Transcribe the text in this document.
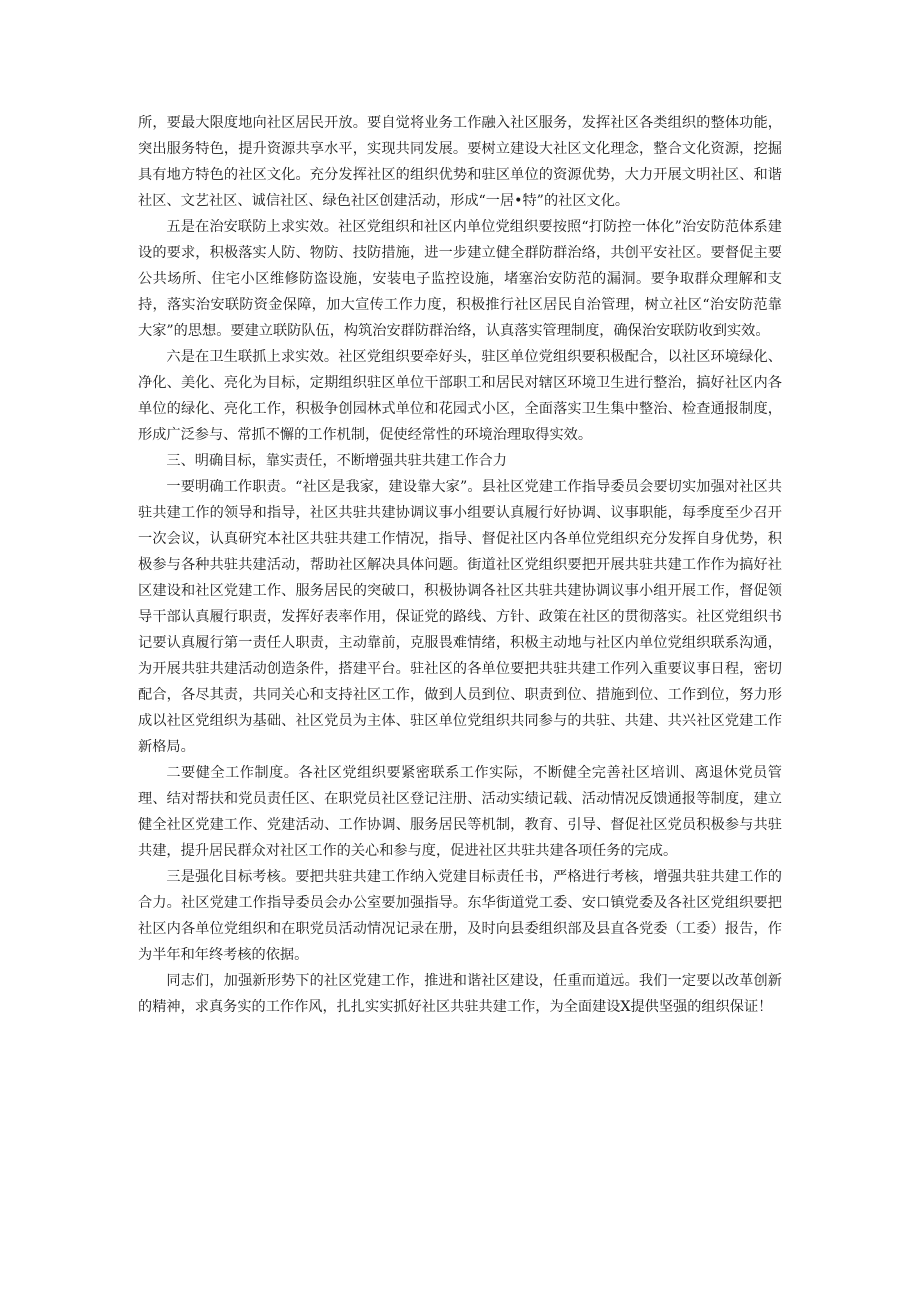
所，要最大限度地向社区居民开放。要自觉将业务工作融入社区服务，发挥社区各类组织的整体功能，突出服务特色，提升资源共享水平，实现共同发展。要树立建设大社区文化理念，整合文化资源，挖掘具有地方特色的社区文化。充分发挥社区的组织优势和驻区单位的资源优势，大力开展文明社区、和谐社区、文艺社区、诚信社区、绿色社区创建活动，形成“一居•特”的社区文化。

五是在治安联防上求实效。社区党组织和社区内单位党组织要按照“打防控一体化”治安防范体系建设的要求，积极落实人防、物防、技防措施，进一步建立健全群防群治络，共创平安社区。要督促主要公共场所、住宅小区维修防盗设施，安装电子监控设施，堵塞治安防范的漏洞。要争取群众理解和支持，落实治安联防资金保障，加大宣传工作力度，积极推行社区居民自治管理，树立社区“治安防范靠大家”的思想。要建立联防队伍，构筑治安群防群治络，认真落实管理制度，确保治安联防收到实效。

六是在卫生联抓上求实效。社区党组织要牵好头，驻区单位党组织要积极配合，以社区环境绿化、净化、美化、亮化为目标，定期组织驻区单位干部职工和居民对辖区环境卫生进行整治，搞好社区内各单位的绿化、亮化工作，积极争创园林式单位和花园式小区，全面落实卫生集中整治、检查通报制度，形成广泛参与、常抓不懈的工作机制，促使经常性的环境治理取得实效。

三、明确目标，靠实责任，不断增强共驻共建工作合力

一要明确工作职责。“社区是我家，建设靠大家”。县社区党建工作指导委员会要切实加强对社区共驻共建工作的领导和指导，社区共驻共建协调议事小组要认真履行好协调、议事职能，每季度至少召开一次会议，认真研究本社区共驻共建工作情况，指导、督促社区内各单位党组织充分发挥自身优势，积极参与各种共驻共建活动，帮助社区解决具体问题。街道社区党组织要把开展共驻共建工作作为搞好社区建设和社区党建工作、服务居民的突破口，积极协调各社区共驻共建协调议事小组开展工作，督促领导干部认真履行职责，发挥好表率作用，保证党的路线、方针、政策在社区的贯彻落实。社区党组织书记要认真履行第一责任人职责，主动靠前，克服畏难情绪，积极主动地与社区内单位党组织联系沟通，为开展共驻共建活动创造条件，搭建平台。驻社区的各单位要把共驻共建工作列入重要议事日程，密切配合，各尽其责，共同关心和支持社区工作，做到人员到位、职责到位、措施到位、工作到位，努力形成以社区党组织为基础、社区党员为主体、驻区单位党组织共同参与的共驻、共建、共兴社区党建工作新格局。

二要健全工作制度。各社区党组织要紧密联系工作实际，不断健全完善社区培训、离退休党员管理、结对帮扶和党员责任区、在职党员社区登记注册、活动实绩记载、活动情况反馈通报等制度，建立健全社区党建工作、党建活动、工作协调、服务居民等机制，教育、引导、督促社区党员积极参与共驻共建，提升居民群众对社区工作的关心和参与度，促进社区共驻共建各项任务的完成。

三是强化目标考核。要把共驻共建工作纳入党建目标责任书，严格进行考核，增强共驻共建工作的合力。社区党建工作指导委员会办公室要加强指导。东华街道党工委、安口镇党委及各社区党组织要把社区内各单位党组织和在职党员活动情况记录在册，及时向县委组织部及县直各党委（工委）报告，作为半年和年终考核的依据。

同志们，加强新形势下的社区党建工作，推进和谐社区建设，任重而道远。我们一定要以改革创新的精神，求真务实的工作作风，扎扎实实抓好社区共驻共建工作，为全面建设X提供坚强的组织保证！
